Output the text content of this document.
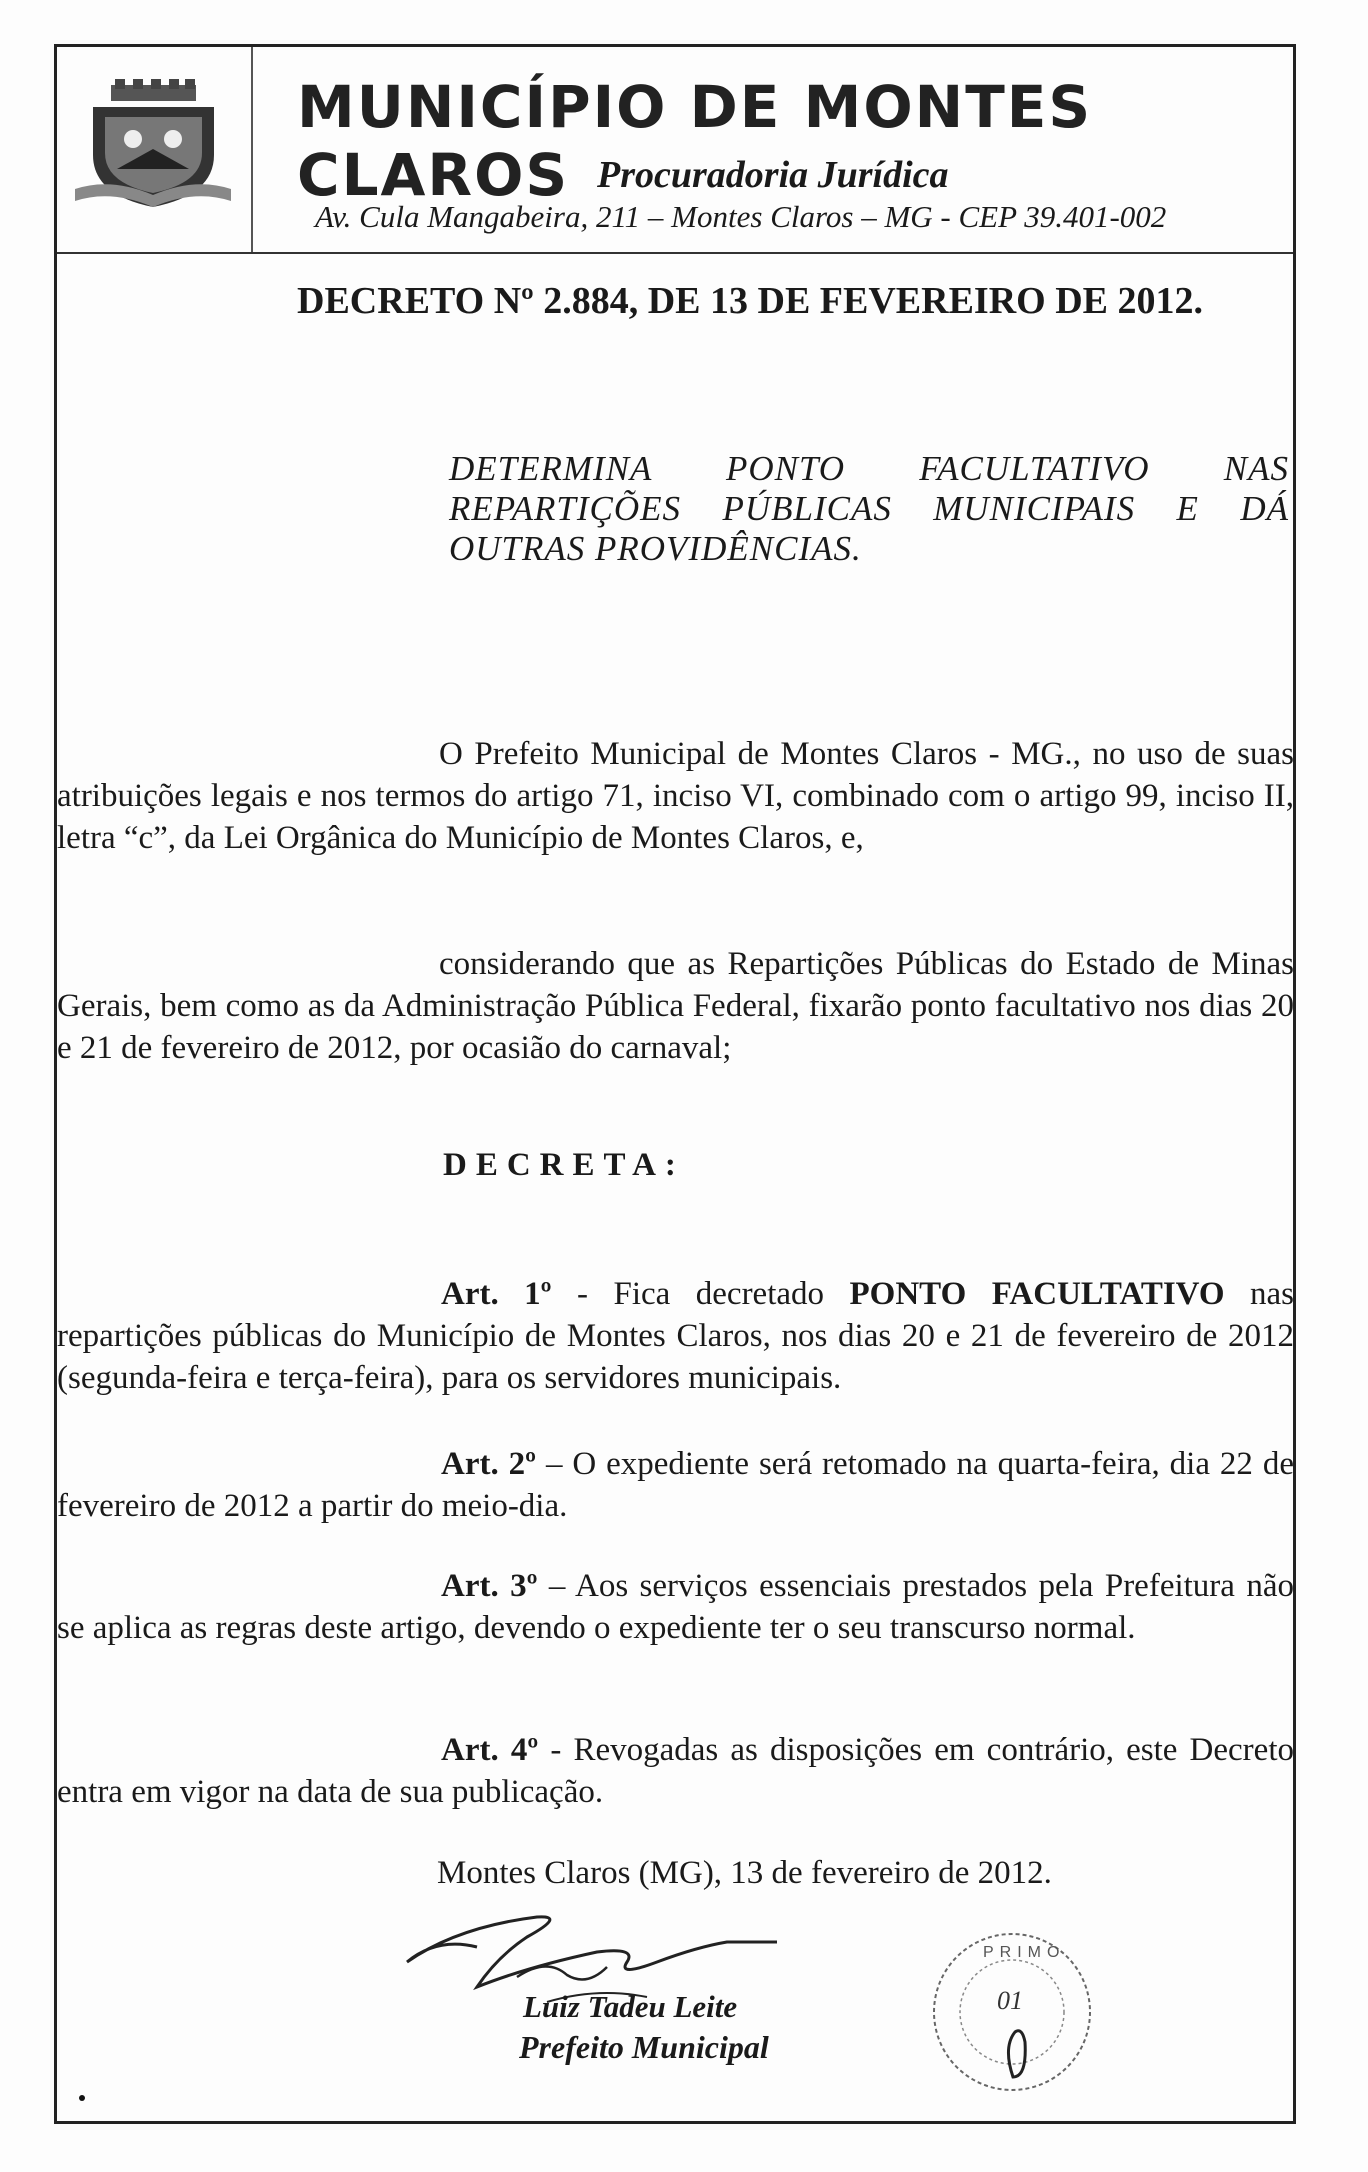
MUNICÍPIO DE MONTES CLAROS Procuradoria Jurídica
Av. Cula Mangabeira, 211 – Montes Claros – MG - CEP 39.401-002
DECRETO Nº 2.884, DE 13 DE FEVEREIRO DE 2012.
DETERMINA PONTO FACULTATIVO NAS REPARTIÇÕES PÚBLICAS MUNICIPAIS E DÁ OUTRAS PROVIDÊNCIAS.
O Prefeito Municipal de Montes Claros - MG., no uso de suas atribuições legais e nos termos do artigo 71, inciso VI, combinado com o artigo 99, inciso II, letra “c”, da Lei Orgânica do Município de Montes Claros, e,
considerando que as Repartições Públicas do Estado de Minas Gerais, bem como as da Administração Pública Federal, fixarão ponto facultativo nos dias 20 e 21 de fevereiro de 2012, por ocasião do carnaval;
DECRETA:
Art. 1º - Fica decretado PONTO FACULTATIVO nas repartições públicas do Município de Montes Claros, nos dias 20 e 21 de fevereiro de 2012 (segunda-feira e terça-feira), para os servidores municipais.
Art. 2º – O expediente será retomado na quarta-feira, dia 22 de fevereiro de 2012 a partir do meio-dia.
Art. 3º – Aos serviços essenciais prestados pela Prefeitura não se aplica as regras deste artigo, devendo o expediente ter o seu transcurso normal.
Art. 4º - Revogadas as disposições em contrário, este Decreto entra em vigor na data de sua publicação.
Montes Claros (MG), 13 de fevereiro de 2012.
Luiz Tadeu Leite
Prefeito Municipal
PRIMO
01
